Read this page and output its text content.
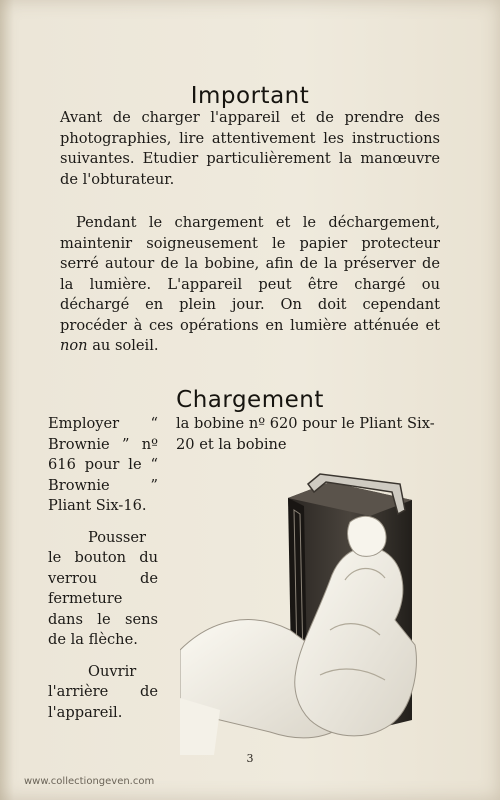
Important

Avant de charger l'appareil et de prendre des photographies, lire attentivement les instructions suivantes. Etudier particulièrement la manœuvre de l'obturateur.

Pendant le chargement et le déchargement, maintenir soigneusement le papier protecteur serré autour de la bobine, afin de la préserver de la lumière. L'appareil peut être chargé ou déchargé en plein jour. On doit cependant procéder à ces opérations en lumière atténuée et non au soleil.

Chargement

la bobine nº 620 pour le Pliant Six-20 et la bobine

Employer “ Brownie ” nº 616 pour le “ Brownie ” Pliant Six-16.

Pousser le bouton du verrou de fermeture dans le sens de la flèche.

Ouvrir l'arrière de l'appareil.

3
www.collectiongeven.com
